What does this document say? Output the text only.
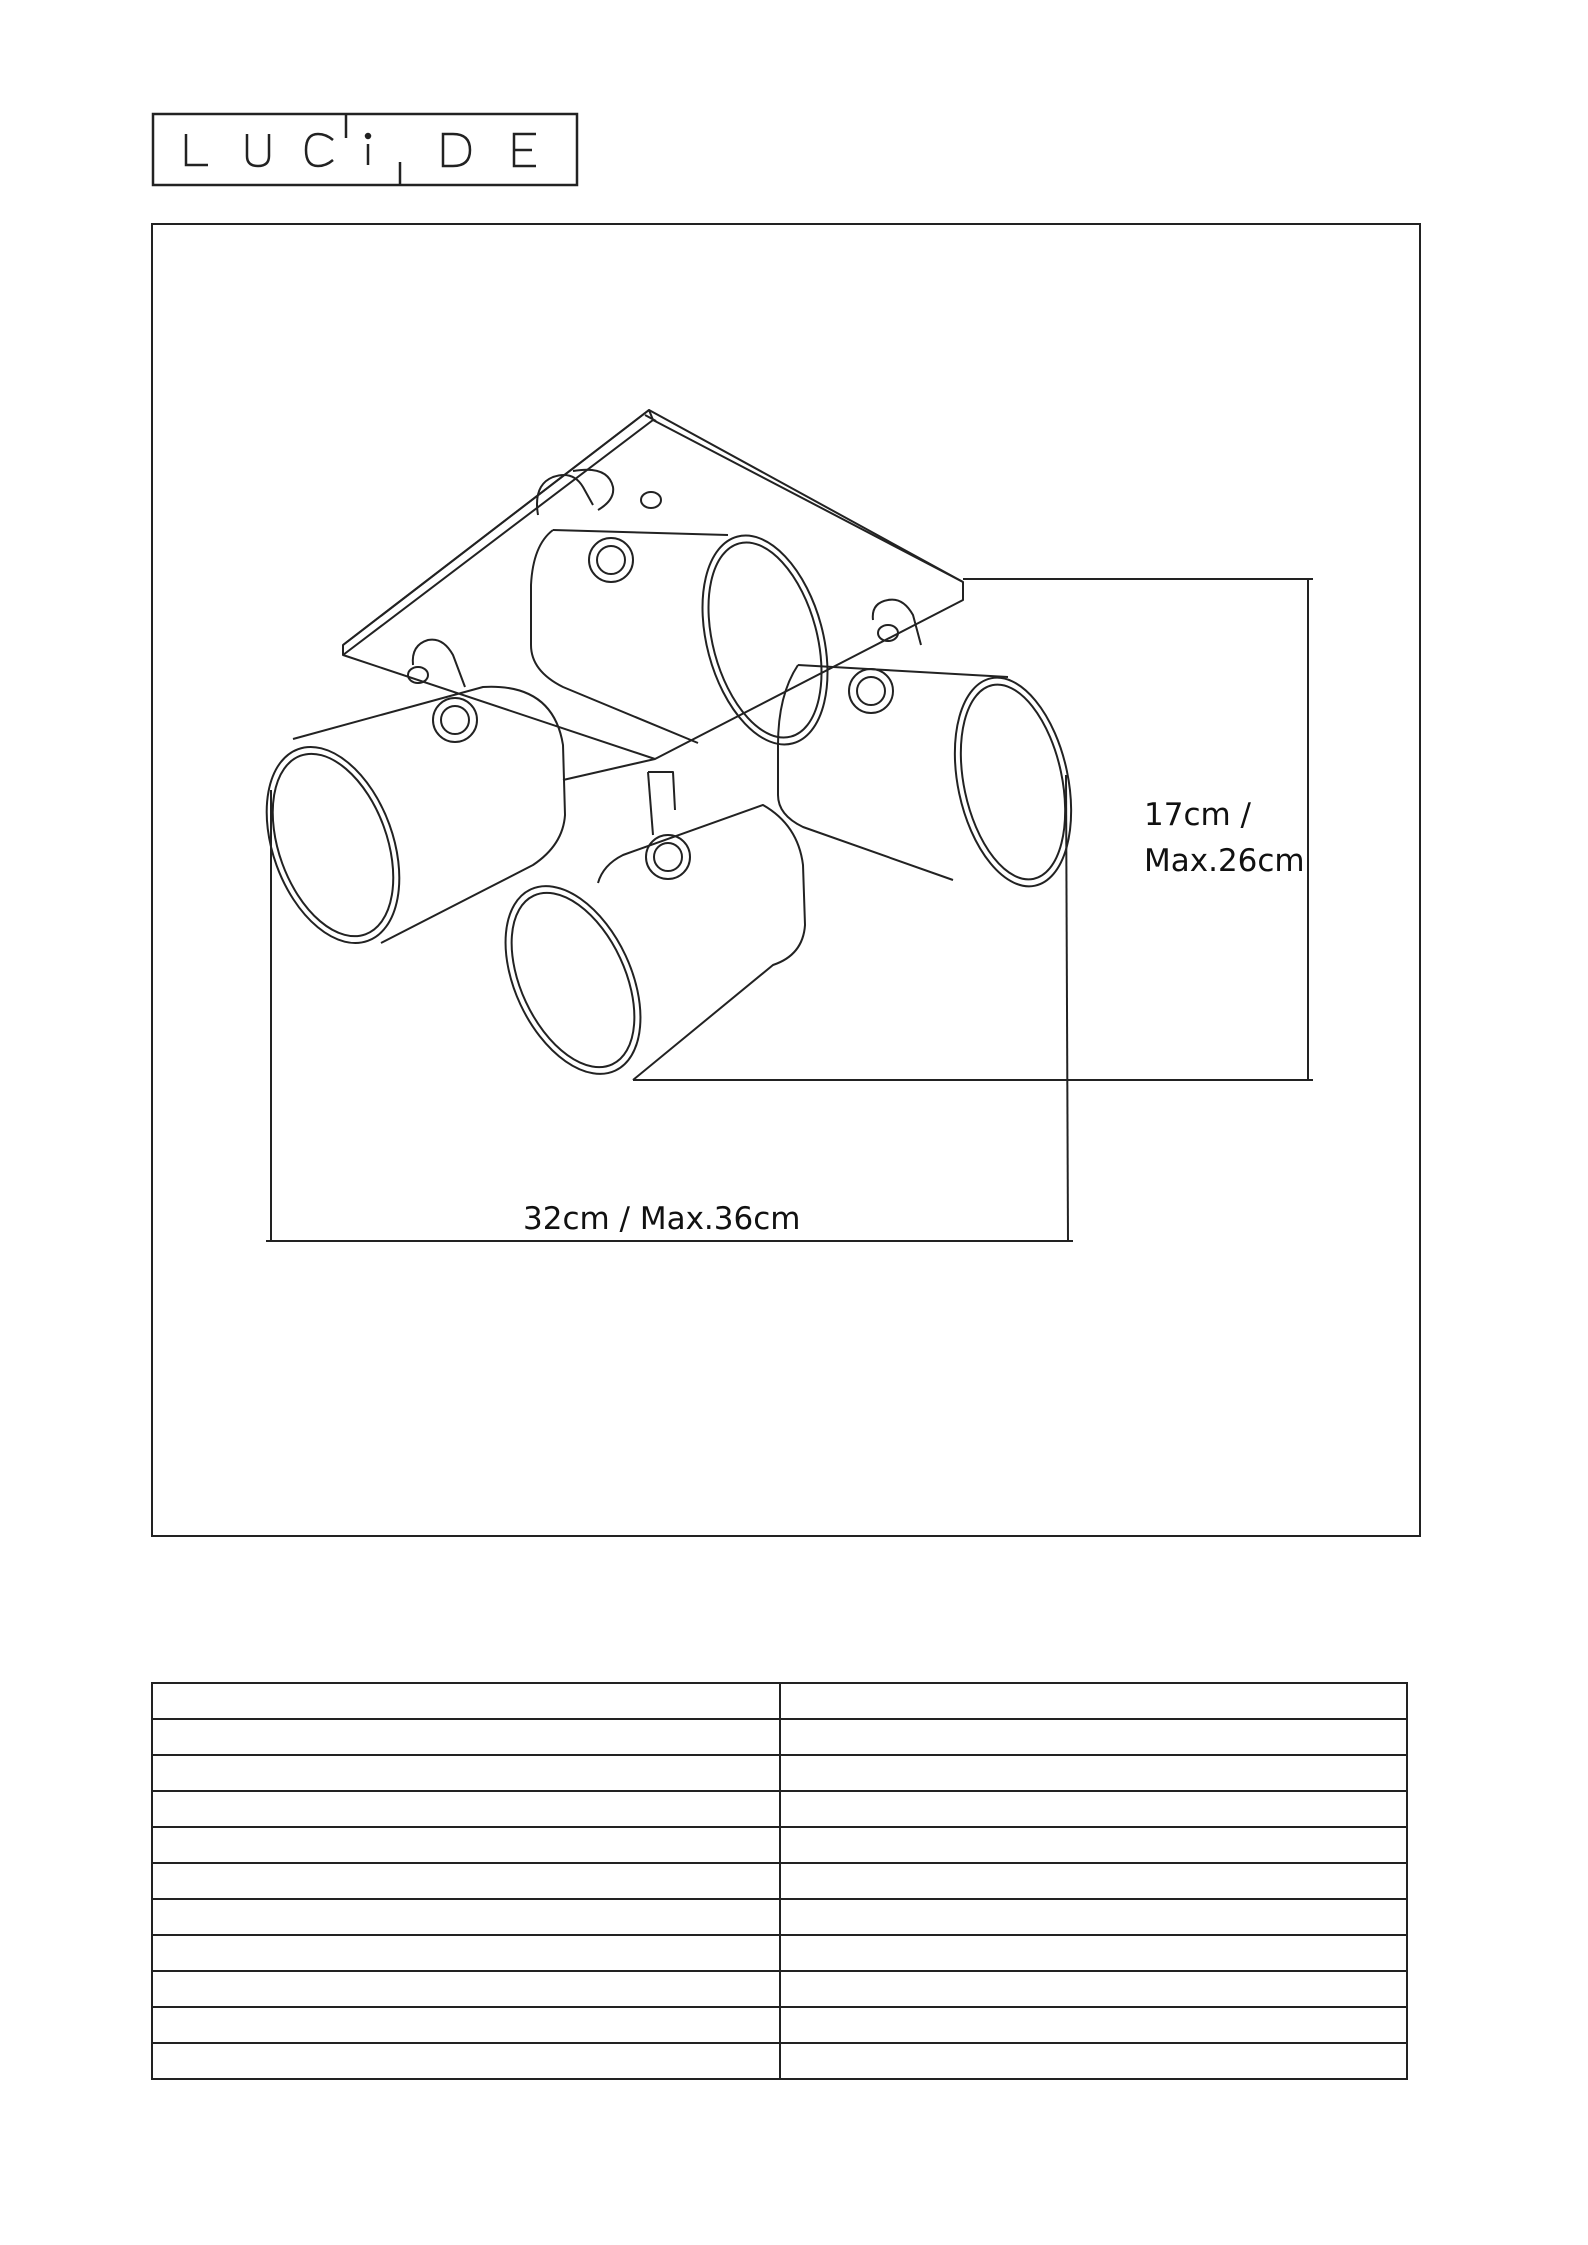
17cm /
Max.26cm
32cm / Max.36cm
